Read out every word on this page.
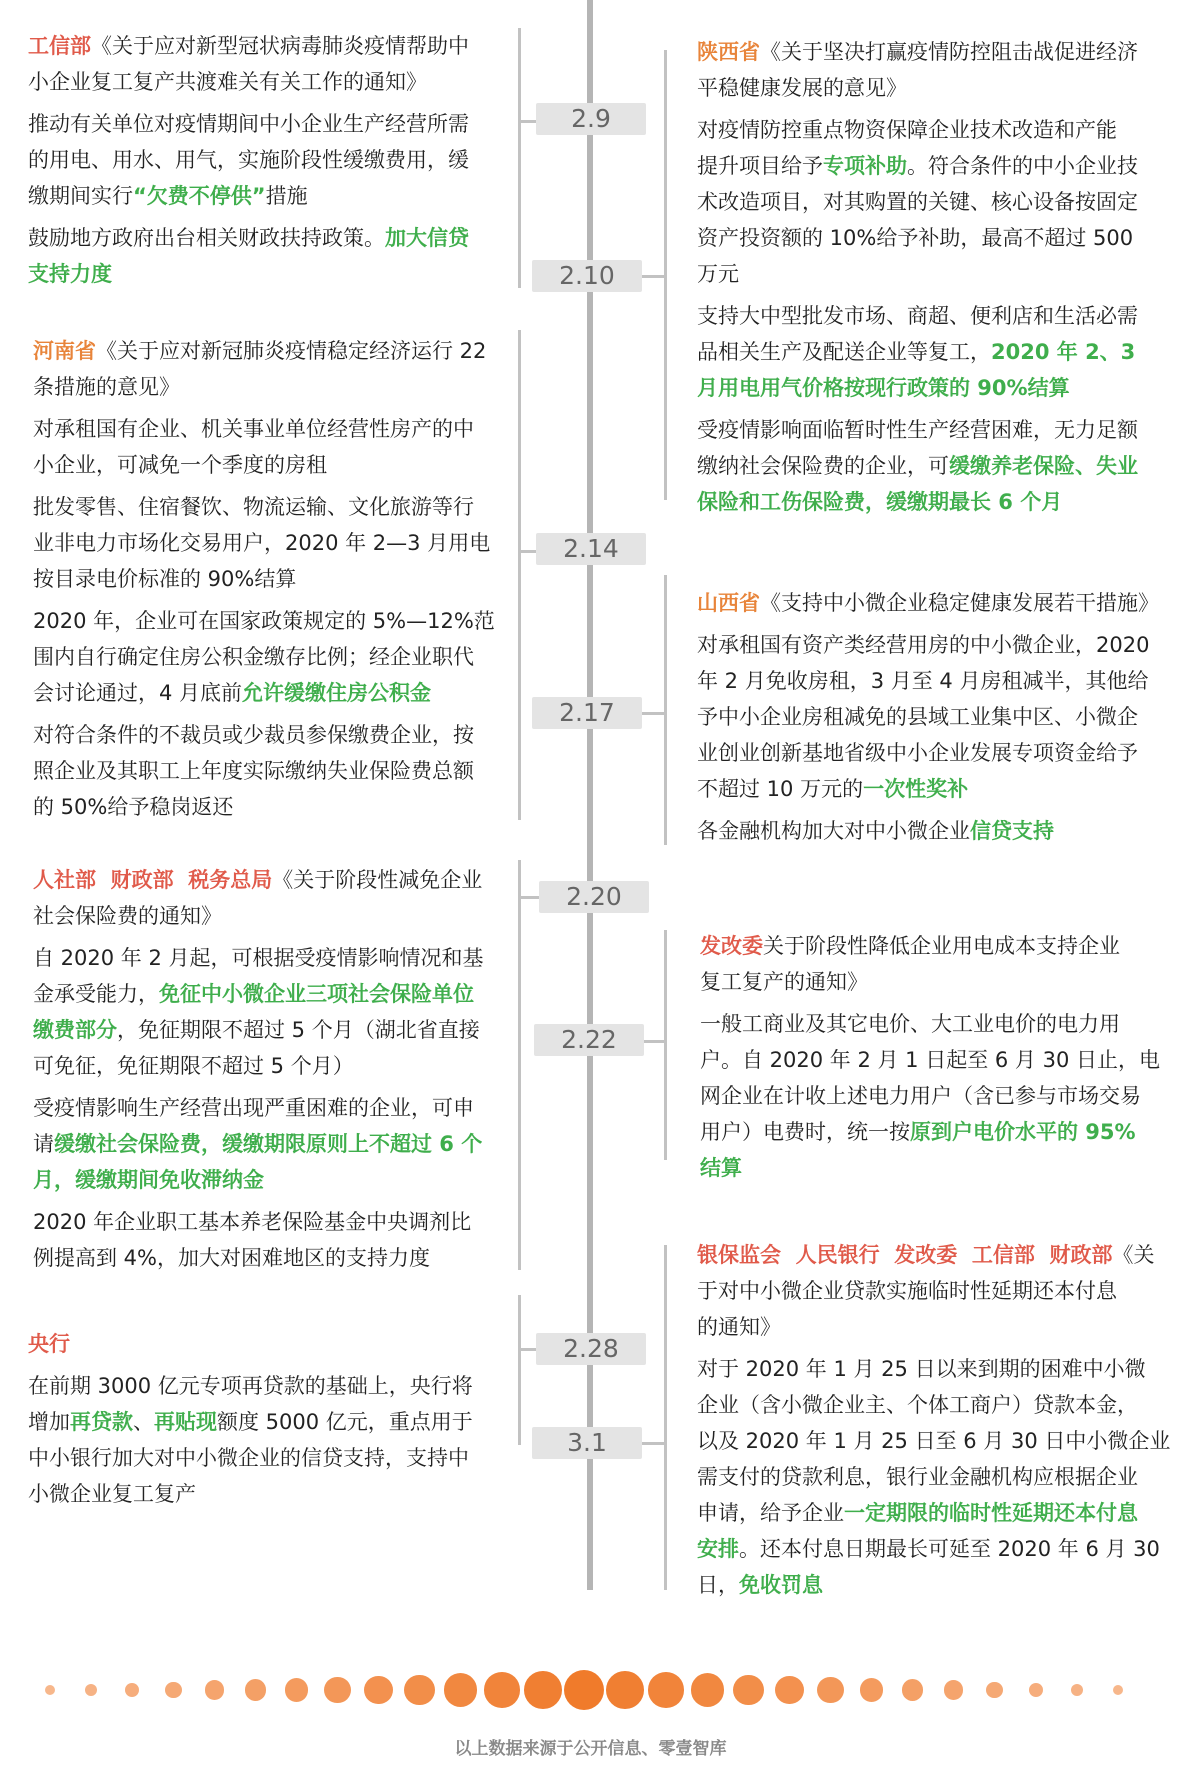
2.9
2.10
2.14
2.17
2.20
2.22
2.28
3.1
工信部《关于应对新型冠状病毒肺炎疫情帮助中
小企业复工复产共渡难关有关工作的通知》
推动有关单位对疫情期间中小企业生产经营所需
的用电、用水、用气，实施阶段性缓缴费用，缓
缴期间实行“欠费不停供”措施
鼓励地方政府出台相关财政扶持政策。加大信贷
支持力度
河南省《关于应对新冠肺炎疫情稳定经济运行 22
条措施的意见》
对承租国有企业、机关事业单位经营性房产的中
小企业，可减免一个季度的房租
批发零售、住宿餐饮、物流运输、文化旅游等行
业非电力市场化交易用户，2020 年 2—3 月用电
按目录电价标准的 90%结算
2020 年，企业可在国家政策规定的 5%—12%范
围内自行确定住房公积金缴存比例；经企业职代
会讨论通过，4 月底前允许缓缴住房公积金
对符合条件的不裁员或少裁员参保缴费企业，按
照企业及其职工上年度实际缴纳失业保险费总额
的 50%给予稳岗返还
人社部  财政部  税务总局《关于阶段性减免企业
社会保险费的通知》
自 2020 年 2 月起，可根据受疫情影响情况和基
金承受能力，免征中小微企业三项社会保险单位
缴费部分，免征期限不超过 5 个月（湖北省直接
可免征，免征期限不超过 5 个月）
受疫情影响生产经营出现严重困难的企业，可申
请缓缴社会保险费，缓缴期限原则上不超过 6 个
月，缓缴期间免收滞纳金
2020 年企业职工基本养老保险基金中央调剂比
例提高到 4%，加大对困难地区的支持力度
央行
在前期 3000 亿元专项再贷款的基础上，央行将
增加再贷款、再贴现额度 5000 亿元，重点用于
中小银行加大对中小微企业的信贷支持，支持中
小微企业复工复产
陕西省《关于坚决打赢疫情防控阻击战促进经济
平稳健康发展的意见》
对疫情防控重点物资保障企业技术改造和产能
提升项目给予专项补助。符合条件的中小企业技
术改造项目，对其购置的关键、核心设备按固定
资产投资额的 10%给予补助，最高不超过 500
万元
支持大中型批发市场、商超、便利店和生活必需
品相关生产及配送企业等复工，2020 年 2、3
月用电用气价格按现行政策的 90%结算
受疫情影响面临暂时性生产经营困难，无力足额
缴纳社会保险费的企业，可缓缴养老保险、失业
保险和工伤保险费，缓缴期最长 6 个月
山西省《支持中小微企业稳定健康发展若干措施》
对承租国有资产类经营用房的中小微企业，2020
年 2 月免收房租，3 月至 4 月房租减半，其他给
予中小企业房租减免的县域工业集中区、小微企
业创业创新基地省级中小企业发展专项资金给予
不超过 10 万元的一次性奖补
各金融机构加大对中小微企业信贷支持
发改委关于阶段性降低企业用电成本支持企业
复工复产的通知》
一般工商业及其它电价、大工业电价的电力用
户。自 2020 年 2 月 1 日起至 6 月 30 日止，电
网企业在计收上述电力用户（含已参与市场交易
用户）电费时，统一按原到户电价水平的 95%
结算
银保监会  人民银行  发改委  工信部  财政部《关
于对中小微企业贷款实施临时性延期还本付息
的通知》
对于 2020 年 1 月 25 日以来到期的困难中小微
企业（含小微企业主、个体工商户）贷款本金，
以及 2020 年 1 月 25 日至 6 月 30 日中小微企业
需支付的贷款利息，银行业金融机构应根据企业
申请，给予企业一定期限的临时性延期还本付息
安排。还本付息日期最长可延至 2020 年 6 月 30
日，免收罚息
以上数据来源于公开信息、零壹智库
